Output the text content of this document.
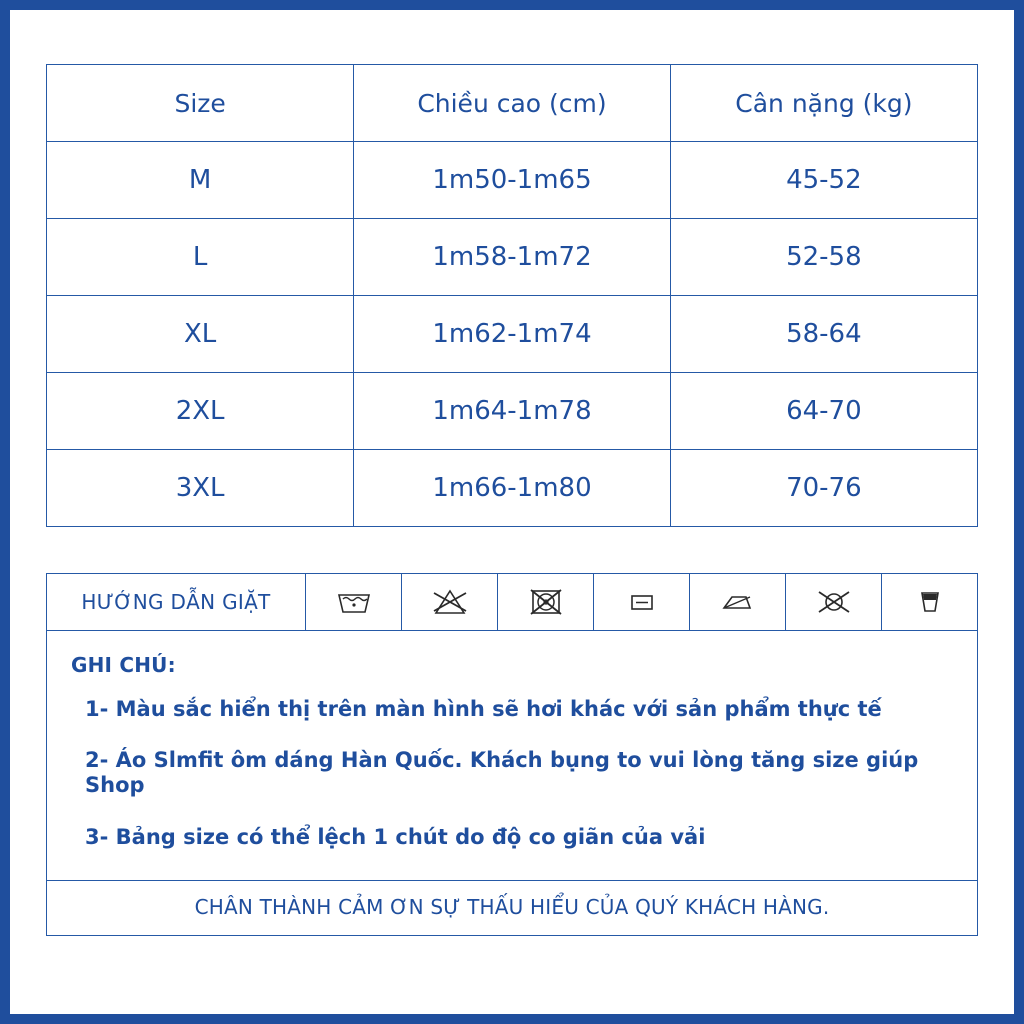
Size	Chiều cao (cm)	Cân nặng (kg)
M	1m50-1m65	45-52
L	1m58-1m72	52-58
XL	1m62-1m74	58-64
2XL	1m64-1m78	64-70
3XL	1m66-1m80	70-76
HƯỚNG DẪN GIẶT
GHI CHÚ:
1- Màu sắc hiển thị trên màn hình sẽ hơi khác với sản phẩm thực tế
2- Áo Slmfit ôm dáng Hàn Quốc. Khách bụng to vui lòng tăng size giúp Shop
3- Bảng size có thể lệch 1 chút do độ co giãn của vải
CHÂN THÀNH CẢM ƠN SỰ THẤU HIỂU CỦA QUÝ KHÁCH HÀNG.
